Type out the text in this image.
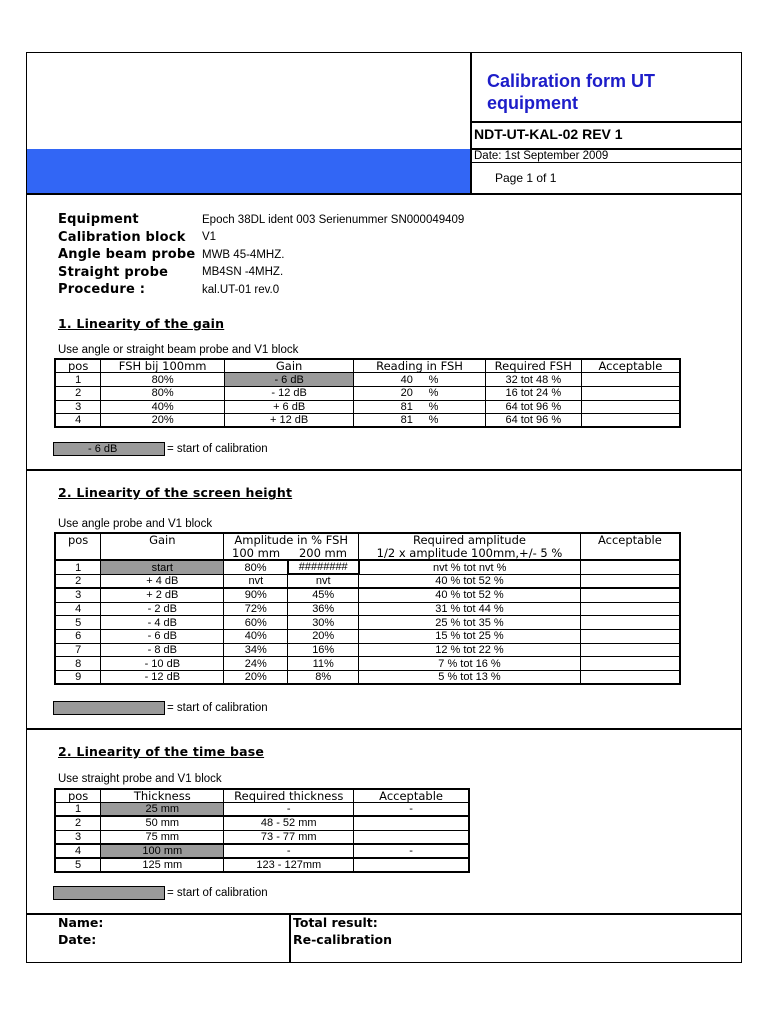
Calibration form UT equipment
NDT-UT-KAL-02 REV 1
Date: 1st September 2009
Page 1 of 1
Equipment	Epoch 38DL ident 003 Serienummer SN000049409
Calibration block	V1
Angle beam probe MWB 45-4MHZ.
Straight probe	MB4SN -4MHZ.
Procedure :	kal.UT-01 rev.0
1. Linearity of the gain
Use angle or straight beam probe and V1 block
pos	FSH bij 100mm	Gain	Reading in FSH	Required FSH	Acceptable
1	80%	- 6 dB	40 %	32 tot 48 %	
2	80%	- 12 dB	20 %	16 tot 24 %	
3	40%	+ 6 dB	81 %	64 tot 96 %	
4	20%	+ 12 dB	81 %	64 tot 96 %	
- 6 dB	= start of calibration
2. Linearity of the screen height
Use angle probe and V1 block
pos	Gain	Amplitude in % FSH		Required amplitude	Acceptable
		100 mm	200 mm	1/2 x amplitude 100mm,+/- 5 %	
1	start	80%	########	nvt % tot nvt %	
2	+ 4 dB	nvt	nvt	40 % tot 52 %	
3	+ 2 dB	90%	45%	40 % tot 52 %	
4	- 2 dB	72%	36%	31 % tot 44 %	
5	- 4 dB	60%	30%	25 % tot 35 %	
6	- 6 dB	40%	20%	15 % tot 25 %	
7	- 8 dB	34%	16%	12 % tot 22 %	
8	- 10 dB	24%	11%	7 % tot 16 %	
9	- 12 dB	20%	8%	5 % tot 13 %	
= start of calibration
2. Linearity of the time base
Use straight probe and V1 block
pos	Thickness	Required thickness	Acceptable
1	25 mm	-	-
2	50 mm	48 - 52 mm	
3	75 mm	73 - 77 mm	
4	100 mm	-	-
5	125 mm	123 - 127mm	
= start of calibration
Name:
Date:
Total result:
Re-calibration
